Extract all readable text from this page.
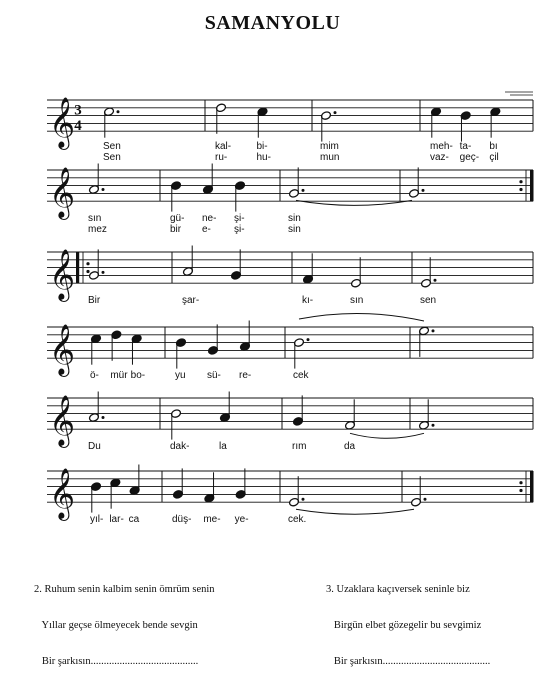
SAMANYOLU
𝄞 3
4
Sen	kal-	bi-	mim	meh- ta- bı
Sen	ru-	hu-	mun	vaz- geç- çil
𝄞
sın	gü- ne- şi-	sin
mez	bir e- şi-	sin
𝄞
Bir	şar-	kı-	sın	sen
𝄞
ö- mür bo-	yu sü- re-	cek
𝄞
Du	dak-	la	rım	da
𝄞
yıl- lar- ca	düş- me- ye-	cek.

2. Ruhum senin kalbim senin ömrüm senin

Yıllar geçse ölmeyecek bende sevgin

Bir şarkısın.........................................

3. Uzaklara kaçıversek seninle biz

Birgün elbet gözegelir bu sevgimiz

Bir şarkısın.........................................
